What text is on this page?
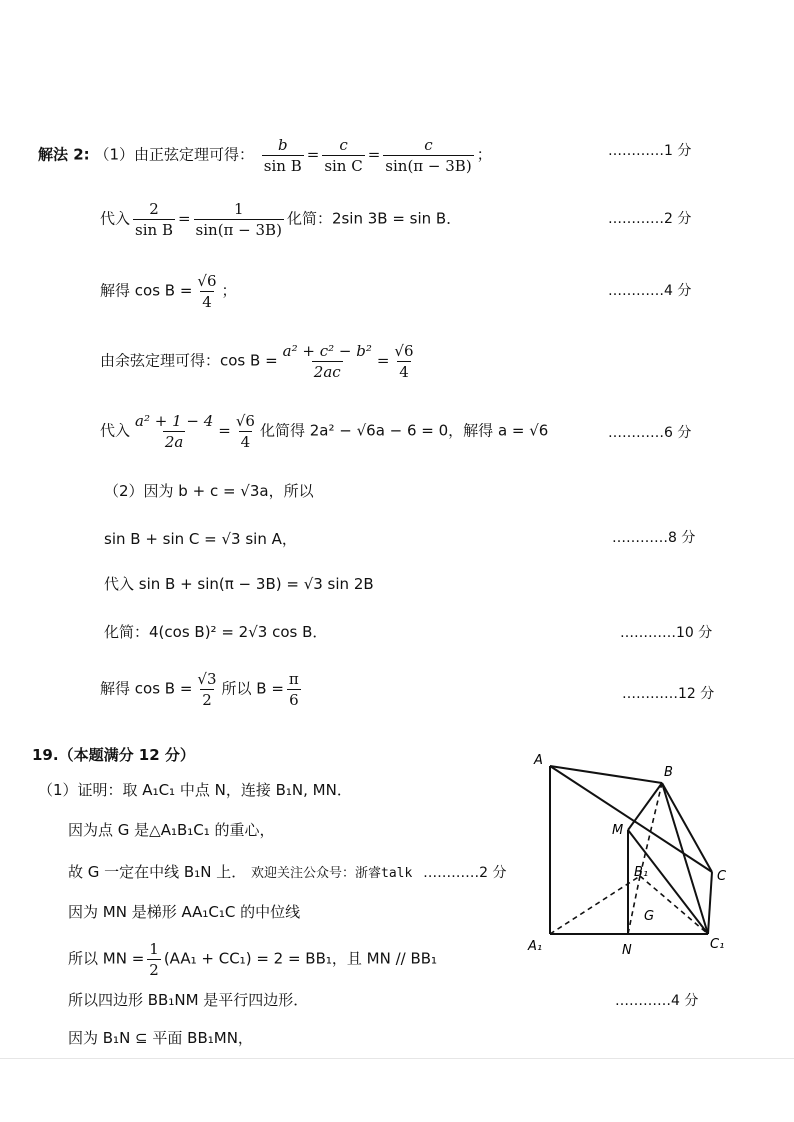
解法 2: （1）由正弦定理可得： $\frac{b}{\text{sin B}} = \frac{c}{\text{sin C}} = \frac{c}{\sin(\pi - 3B)}$ ；	…………1 分
代入 $\frac{2}{\text{sin B}} = \frac{1}{\sin(\pi - 3B)}$ 化简：2sin 3B = sin B．	…………2 分
解得 $\cos B = \frac{√6}{4}$ ；	…………4 分
由余弦定理可得：$\cos B = \frac{\text{a² + c² − b²}}{2ac} = \frac{√6}{4}$
代入 $\frac{\text{a² + 1 − 4}}{2a} = \frac{√6}{4}$ 化简得 2a² − √6a − 6 = 0，解得 a = √6	…………6 分
（2）因为 b + c = √3a，所以
sin B + sin C = √3 sin A，	…………8 分
代入 sin B + sin(π − 3B) = √3 sin 2B
化简：4(cos B)² = 2√3 cos B．	…………10 分
解得 $\cos B = \frac{√3}{2}$ 所以 $B = \frac{\pi}{6}$	…………12 分
19.（本题满分 12 分）
（1）证明：取 A₁C₁ 中点 N，连接 B₁N, MN．
因为点 G 是△A₁B₁C₁ 的重心，
故 G 一定在中线 B₁N 上． 欢迎关注公众号：浙睿talk …………2 分
因为 MN 是梯形 AA₁C₁C 的中位线
所以 MN = $\frac{1}{2} (AA_1 + CC_1) = 2 = BB_1$，且 MN // BB₁
所以四边形 BB₁NM 是平行四边形．	…………4 分
因为 B₁N ⊆ 平面 BB₁MN，
A
B
C
M
B₁
G
A₁	N	C₁
